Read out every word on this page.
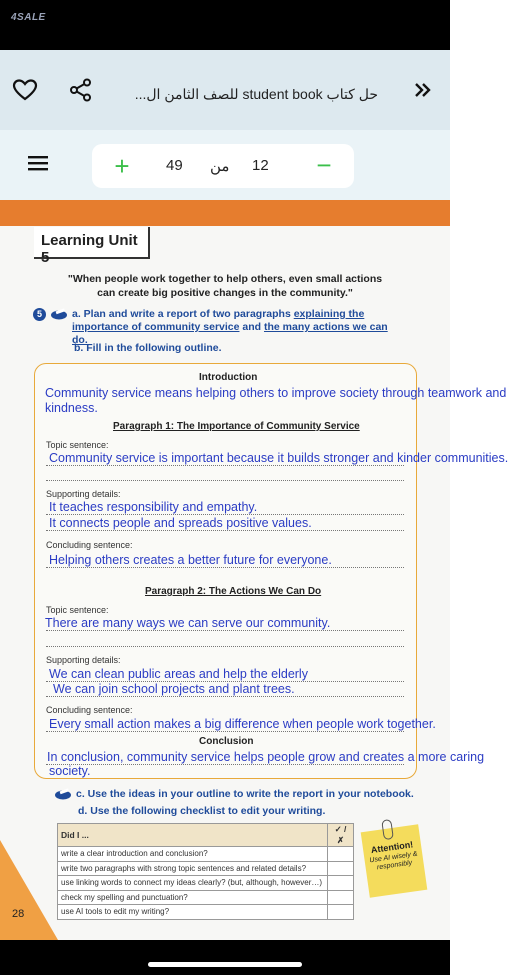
4SALE
حل كتاب student book للصف الثامن ال...
+	49 من 12	−
Learning Unit 5
"When people work together to help others, even small actions can create big positive changes in the community."
5	a. Plan and write a report of two paragraphs explaining the importance of community service and the many actions we can do.
b. Fill in the following outline.
Introduction
Community service means helping others to improve society through teamwork and
kindness.
Paragraph 1: The Importance of Community Service
Topic sentence:
Community service is important because it builds stronger and kinder communities.
Supporting details:
It teaches responsibility and empathy.
It connects people and spreads positive values.
Concluding sentence:
Helping others creates a better future for everyone.
Paragraph 2: The Actions We Can Do
Topic sentence:
There are many ways we can serve our community.
Supporting details:
We can clean public areas and help the elderly
We can join school projects and plant trees.
Concluding sentence:
Every small action makes a big difference when people work together.
Conclusion
In conclusion, community service helps people grow and creates a more caring
society.
c. Use the ideas in your outline to write the report in your notebook.
d. Use the following checklist to edit your writing.
Did I ...	✓ / ✗
write a clear introduction and conclusion?	
write two paragraphs with strong topic sentences and related details?	
use linking words to connect my ideas clearly? (but, although, however…)	
check my spelling and punctuation?	
use AI tools to edit my writing?	
Attention!
Use AI wisely & responsibly
28
